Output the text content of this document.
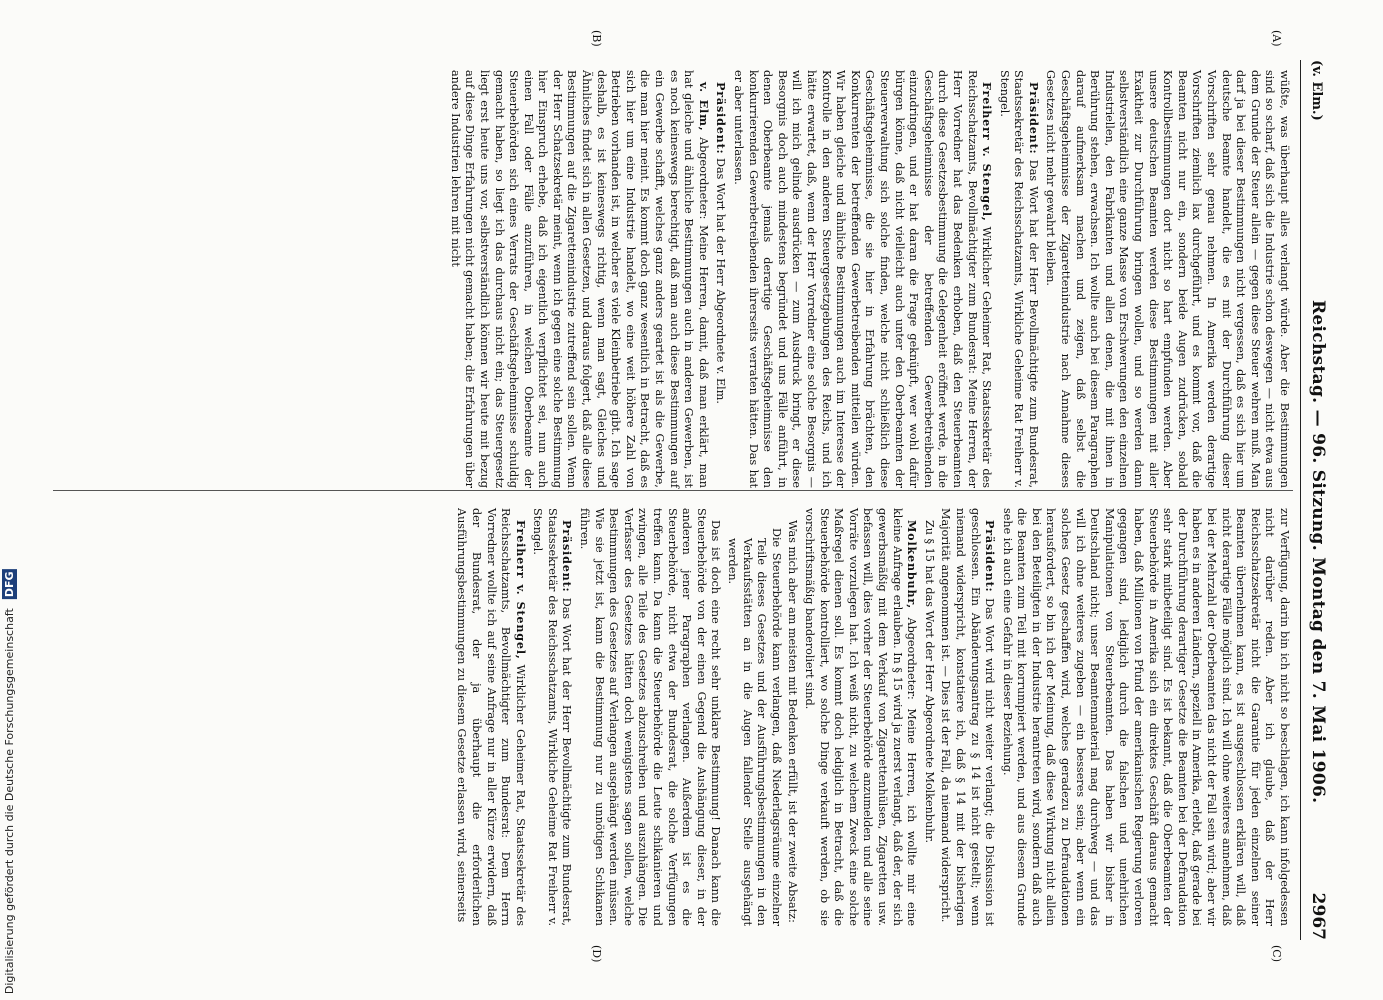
(v. Elm.)
Reichstag. — 96. Sitzung. Montag den 7. Mai 1906.
2967
(A)
(B)
(C)
(D)

wüßte, was überhaupt alles verlangt würde. Aber die Bestimmungen sind so scharf, daß sich die Industrie schon deswegen — nicht etwa aus dem Grunde der Steuer allein — gegen diese Steuer wehren muß. Man darf ja bei dieser Bestimmungen nicht vergessen, daß es sich hier um deutsche Beamte handelt, die es mit der Durchführung dieser Vorschriften sehr genau nehmen. In Amerika werden derartige Vorschriften ziemlich lax durchgeführt, und es kommt vor, daß die Beamten nicht nur ein, sondern beide Augen zudrücken, sobald Kontrollbestimmungen dort nicht so hart empfunden werden. Aber unsere deutschen Beamten werden diese Bestimmungen mit aller Exaktheit zur Durchführung bringen wollen, und so werden dann selbstverständlich eine ganze Masse von Erschwerungen den einzelnen Industriellen, den Fabrikanten und allen denen, die mit ihnen in Berührung stehen, erwachsen. Ich wollte auch bei diesem Paragraphen darauf aufmerksam machen und zeigen, daß selbst die Geschäftsgeheimnisse der Zigarettenindustrie nach Annahme dieses Gesetzes nicht mehr gewahrt bleiben.

Präsident: Das Wort hat der Herr Bevollmächtigte zum Bundesrat, Staatssekretär des Reichsschatzamts, Wirkliche Geheime Rat Freiherr v. Stengel.

Freiherr v. Stengel, Wirklicher Geheimer Rat, Staatssekretär des Reichsschatzamts, Bevollmächtigter zum Bundesrat: Meine Herren, der Herr Vorredner hat das Bedenken erhoben, daß den Steuerbeamten durch diese Gesetzesbestimmung die Gelegenheit eröffnet werde, in die Geschäftsgeheimnisse der betreffenden Gewerbetreibenden einzudringen, und er hat daran die Frage geknüpft, wer wohl dafür bürgen könne, daß nicht vielleicht auch unter den Oberbeamten der Steuerverwaltung sich solche finden, welche nicht schließlich diese Geschäftsgeheimnisse, die sie hier in Erfahrung brächten, den Konkurrenten der betreffenden Gewerbetreibenden mitteilen würden. Wir haben gleiche und ähnliche Bestimmungen auch im Interesse der Kontrolle in den anderen Steuergesetzgebungen des Reichs, und ich hätte erwartet, daß, wenn der Herr Vorredner eine solche Besorgnis — will ich mich gelinde ausdrücken — zum Ausdruck bringt, er diese Besorgnis doch auch mindestens begründet und uns Fälle anführt, in denen Oberbeamte jemals derartige Geschäftsgeheimnisse den konkurrierenden Gewerbetreibenden ihrerseits verraten hätten. Das hat er aber unterlassen.

Präsident: Das Wort hat der Herr Abgeordnete v. Elm.

v. Elm, Abgeordneter: Meine Herren, damit, daß man erklärt, man hat gleiche und ähnliche Bestimmungen auch in anderen Gewerben, ist es noch keineswegs berechtigt, daß man auch diese Bestimmungen auf ein Gewerbe schafft, welches ganz anders geartet ist als die Gewerbe, die man hier meint. Es kommt doch ganz wesentlich in Betracht, daß es sich hier um eine Industrie handelt, wo eine weit höhere Zahl von Betrieben vorhanden ist, in welcher es viele Kleinbetriebe gibt. Ich sage deshalb, es ist keineswegs richtig, wenn man sagt, Gleiches und Ähnliches findet sich in allen Gesetzen, und daraus folgert, daß alle diese Bestimmungen auf die Zigarettenindustrie zutreffend sein sollen. Wenn der Herr Schatzsekretär meint, wenn ich gegen eine solche Bestimmung hier Einspruch erhebe, daß ich eigentlich verpflichtet sei, nun auch einen Fall oder Fälle anzuführen, in welchen Oberbeamte der Steuerbehörden sich eines Verrats der Geschäftsgeheimnisse schuldig gemacht haben, so liegt ich das durchaus nicht ein; das Steuergesetz liegt erst heute uns vor, selbstverständlich können wir heute mit bezug auf diese Dinge Erfahrungen nicht gemacht haben; die Erfahrungen über andere Industrien lehren mit nicht

zur Verfügung, darin bin ich nicht so beschlagen, ich kann infolgedessen nicht darüber reden. Aber ich glaube, daß der Herr Reichsschatzsekretär nicht die Garantie für jeden einzelnen seiner Beamten übernehmen kann, es ist ausgeschlossen erklären will, daß nicht derartige Fälle möglich sind. Ich will ohne weiteres annehmen, daß bei der Mehrzahl der Oberbeamten das nicht der Fall sein wird; aber wir haben es in anderen Ländern, speziell in Amerika, erlebt, daß gerade bei der Durchführung derartiger Gesetze die Beamten bei der Defraudation sehr stark mitbeteiligt sind. Es ist bekannt, daß die Oberbeamten der Steuerbehörde in Amerika sich ein direktes Geschäft daraus gemacht haben, daß Millionen von Pfund der amerikanischen Regierung verloren gegangen sind, lediglich durch die falschen und unehrlichen Manipulationen von Steuerbeamten. Das haben wir bisher in Deutschland nicht; unser Beamtenmaterial mag durchweg — und das will ich ohne weiteres zugeben — ein besseres sein; aber wenn ein solches Gesetz geschaffen wird, welches geradezu zu Defraudationen herausfordert, so bin ich der Meinung, daß diese Wirkung nicht allein bei den Beteiligten in der Industrie herantreten wird, sondern daß auch die Beamten zum Teil mit korrumpiert werden, und aus diesem Grunde sehe ich auch eine Gefahr in dieser Beziehung.

Präsident: Das Wort wird nicht weiter verlangt; die Diskussion ist geschlossen. Ein Abänderungsantrag zu § 14 ist nicht gestellt; wenn niemand widerspricht, konstatiere ich, daß § 14 mit der bisherigen Majorität angenommen ist. — Dies ist der Fall, da niemand widerspricht.

Zu § 15 hat das Wort der Herr Abgeordnete Molkenbuhr.

Molkenbuhr, Abgeordneter: Meine Herren, ich wollte mir eine kleine Anfrage erlauben. In § 15 wird ja zuerst verlangt, daß der, der sich gewerbsmäßig mit dem Verkauf von Zigarettenhülsen, Zigaretten usw. befassen will, dies vorher der Steuerbehörde anzumelden und alle seine Vorräte vorzulegen hat. Ich weiß nicht, zu welchem Zweck eine solche Maßregel dienen soll. Es kommt doch lediglich in Betracht, daß die Steuerbehörde kontrolliert, wo solche Dinge verkauft werden, ob sie vorschriftsmäßig banderoliert sind.

Was mich aber am meisten mit Bedenken erfüllt, ist der zweite Absatz:

Die Steuerbehörde kann verlangen, daß Niederlagsräume einzelner Teile dieses Gesetzes und der Ausführungsbestimmungen in den Verkaufsstätten an in die Augen fallender Stelle ausgehängt werden.

Das ist doch eine recht sehr unklare Bestimmung! Danach kann die Steuerbehörde von der einen Gegend die Aushängung dieser, in der anderen jener Paragraphen verlangen. Außerdem ist es die Steuerbehörde, nicht etwa der Bundesrat, die solche Verfügungen treffen kann. Da kann die Steuerbehörde die Leute schikanieren und zwingen, alle Teile des Gesetzes abzuschreiben und auszuhängen. Die Verfasser des Gesetzes hätten doch wenigstens sagen sollen, welche Bestimmungen des Gesetzes auf Verlangen ausgehängt werden müssen. Wie sie jetzt ist, kann die Bestimmung nur zu unnötigen Schikanen führen.

Präsident: Das Wort hat der Herr Bevollmächtigte zum Bundesrat, Staatssekretär des Reichsschatzamts, Wirkliche Geheime Rat Freiherr v. Stengel.

Freiherr v. Stengel, Wirklicher Geheimer Rat, Staatssekretär des Reichsschatzamts, Bevollmächtigter zum Bundesrat: Dem Herrn Vorredner wollte ich auf seine Anfrage nur in aller Kürze erwidern, daß der Bundesrat, der ja überhaupt die erforderlichen Ausführungsbestimmungen zu diesem Gesetze erlassen wird, seinerseits

Digitalisierung gefördert durch die Deutsche Forschungsgemeinschaft DFG
